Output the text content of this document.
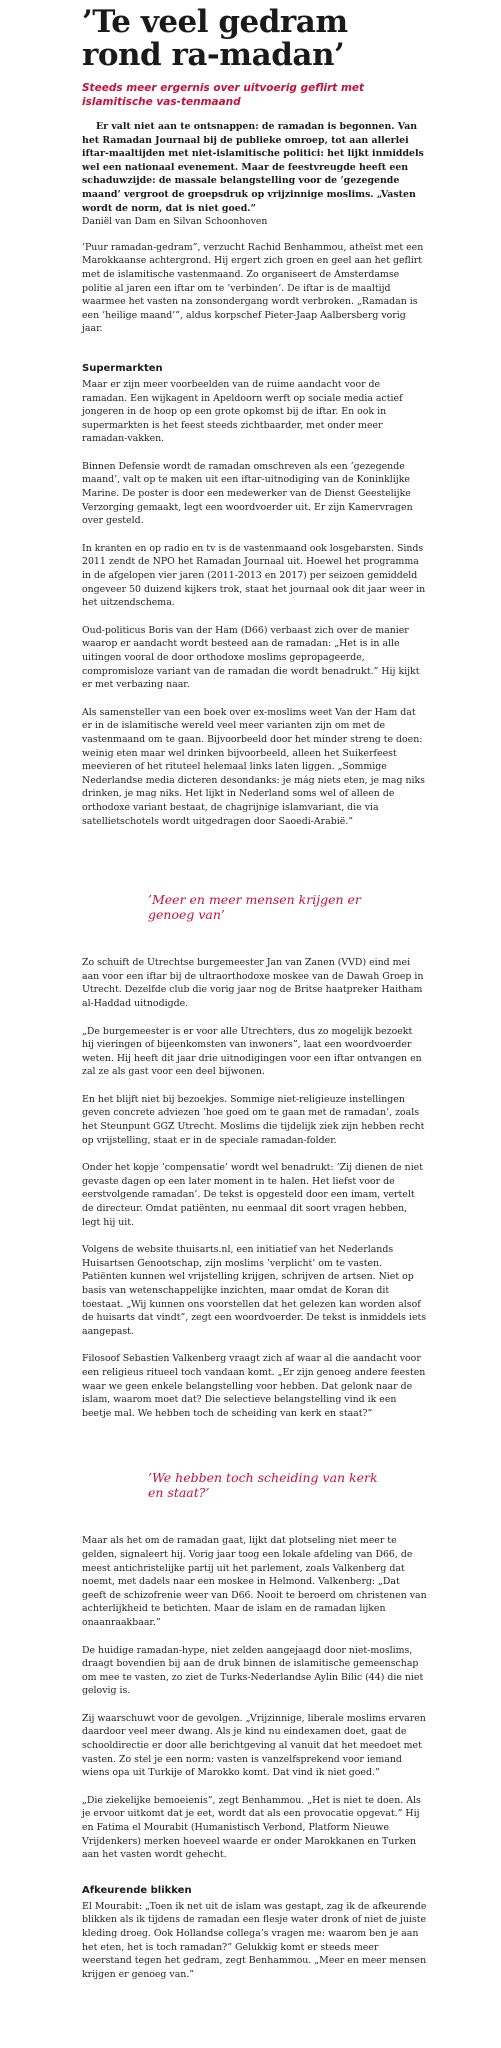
’Te veel gedram rond ra-madan’
Steeds meer ergernis over uitvoerig geflirt met islamitische vas-tenmaand

Er valt niet aan te ontsnappen: de ramadan is begonnen. Van het Ramadan Journaal bij de publieke omroep, tot aan allerlei iftar-maaltijden met niet-islamitische politici: het lijkt inmiddels wel een nationaal evenement. Maar de feestvreugde heeft een schaduwzijde: de massale belangstelling voor de ’gezegende maand’ vergroot de groepsdruk op vrijzinnige moslims. „Vasten wordt de norm, dat is niet goed.”

Daniël van Dam en Silvan Schoonhoven

’Puur ramadan-gedram”, verzucht Rachid Benhammou, atheïst met een Marokkaanse achtergrond. Hij ergert zich groen en geel aan het geflirt met de islamitische vastenmaand. Zo organiseert de Amsterdamse politie al jaren een iftar om te ’verbinden’. De iftar is de maaltijd waarmee het vasten na zonsondergang wordt verbroken. „Ramadan is een ’heilige maand’”, aldus korpschef Pieter-Jaap Aalbersberg vorig jaar.

Supermarkten

Maar er zijn meer voorbeelden van de ruime aandacht voor de ramadan. Een wijkagent in Apeldoorn werft op sociale media actief jongeren in de hoop op een grote opkomst bij de iftar. En ook in supermarkten is het feest steeds zichtbaarder, met onder meer ramadan-vakken.

Binnen Defensie wordt de ramadan omschreven als een ’gezegende maand’, valt op te maken uit een iftar-uitnodiging van de Koninklijke Marine. De poster is door een medewerker van de Dienst Geestelijke Verzorging gemaakt, legt een woordvoerder uit. Er zijn Kamervragen over gesteld.

In kranten en op radio en tv is de vastenmaand ook losgebarsten. Sinds 2011 zendt de NPO het Ramadan Journaal uit. Hoewel het programma in de afgelopen vier jaren (2011-2013 en 2017) per seizoen gemiddeld ongeveer 50 duizend kijkers trok, staat het journaal ook dit jaar weer in het uitzendschema.

Oud-politicus Boris van der Ham (D66) verbaast zich over de manier waarop er aandacht wordt besteed aan de ramadan: „Het is in alle uitingen vooral de door orthodoxe moslims gepropageerde, compromisloze variant van de ramadan die wordt benadrukt.” Hij kijkt er met verbazing naar.

Als samensteller van een boek over ex-moslims weet Van der Ham dat er in de islamitische wereld veel meer varianten zijn om met de vastenmaand om te gaan. Bijvoorbeeld door het minder streng te doen: weinig eten maar wel drinken bijvoorbeeld, alleen het Suikerfeest meevieren of het rituteel helemaal links laten liggen. „Sommige Nederlandse media dicteren desondanks: je mág niets eten, je mag niks drinken, je mag niks. Het lijkt in Nederland soms wel of alleen de orthodoxe variant bestaat, de chagrijnige islamvariant, die via satellietschotels wordt uitgedragen door Saoedi-Arabië.”

’Meer en meer mensen krijgen er genoeg van’

Zo schuift de Utrechtse burgemeester Jan van Zanen (VVD) eind mei aan voor een iftar bij de ultraorthodoxe moskee van de Dawah Groep in Utrecht. Dezelfde club die vorig jaar nog de Britse haatpreker Haitham al-Haddad uitnodigde.

„De burgemeester is er voor alle Utrechters, dus zo mogelijk bezoekt hij vieringen of bijeenkomsten van inwoners”, laat een woordvoerder weten. Hij heeft dit jaar drie uitnodigingen voor een iftar ontvangen en zal ze als gast voor een deel bijwonen.

En het blijft niet bij bezoekjes. Sommige niet-religieuze instellingen geven concrete adviezen ’hoe goed om te gaan met de ramadan’, zoals het Steunpunt GGZ Utrecht. Moslims die tijdelijk ziek zijn hebben recht op vrijstelling, staat er in de speciale ramadan-folder.

Onder het kopje ’compensatie’ wordt wel benadrukt: ’Zij dienen de niet gevaste dagen op een later moment in te halen. Het liefst voor de eerstvolgende ramadan’. De tekst is opgesteld door een imam, vertelt de directeur. Omdat patiënten, nu eenmaal dit soort vragen hebben, legt hij uit.

Volgens de website thuisarts.nl, een initiatief van het Nederlands Huisartsen Genootschap, zijn moslims ’verplicht’ om te vasten. Patiënten kunnen wel vrijstelling krijgen, schrijven de artsen. Niet op basis van wetenschappelijke inzichten, maar omdat de Koran dit toestaat. „Wij kunnen ons voorstellen dat het gelezen kan worden alsof de huisarts dat vindt”, zegt een woordvoerder. De tekst is inmiddels iets aangepast.

Filosoof Sebastien Valkenberg vraagt zich af waar al die aandacht voor een religieus ritueel toch vandaan komt. „Er zijn genoeg andere feesten waar we geen enkele belangstelling voor hebben. Dat gelonk naar de islam, waarom moet dat? Die selectieve belangstelling vind ik een beetje mal. We hebben toch de scheiding van kerk en staat?”

’We hebben toch scheiding van kerk en staat?’

Maar als het om de ramadan gaat, lijkt dat plotseling niet meer te gelden, signaleert hij. Vorig jaar toog een lokale afdeling van D66, de meest antichristelijke partij uit het parlement, zoals Valkenberg dat noemt, met dadels naar een moskee in Helmond. Valkenberg: „Dat geeft de schizofrenie weer van D66. Nooit te beroerd om christenen van achterlijkheid te betichten. Maar de islam en de ramadan lijken onaanraakbaar.”

De huidige ramadan-hype, niet zelden aangejaagd door niet-moslims, draagt bovendien bij aan de druk binnen de islamitische gemeenschap om mee te vasten, zo ziet de Turks-Nederlandse Aylin Bilic (44) die niet gelovig is.

Zij waarschuwt voor de gevolgen. „Vrijzinnige, liberale moslims ervaren daardoor veel meer dwang. Als je kind nu eindexamen doet, gaat de schooldirectie er door alle berichtgeving al vanuit dat het meedoet met vasten. Zo stel je een norm: vasten is vanzelfsprekend voor iemand wiens opa uit Turkije of Marokko komt. Dat vind ik niet goed.”

„Die ziekelijke bemoeienis”, zegt Benhammou. „Het is niet te doen. Als je ervoor uitkomt dat je eet, wordt dat als een provocatie opgevat.” Hij en Fatima el Mourabit (Humanistisch Verbond, Platform Nieuwe Vrijdenkers) merken hoeveel waarde er onder Marokkanen en Turken aan het vasten wordt gehecht.

Afkeurende blikken

El Mourabit: „Toen ik net uit de islam was gestapt, zag ik de afkeurende blikken als ik tijdens de ramadan een flesje water dronk of niet de juiste kleding droeg. Ook Hollandse collega’s vragen me: waarom ben je aan het eten, het is toch ramadan?” Gelukkig komt er steeds meer weerstand tegen het gedram, zegt Benhammou. „Meer en meer mensen krijgen er genoeg van.”
